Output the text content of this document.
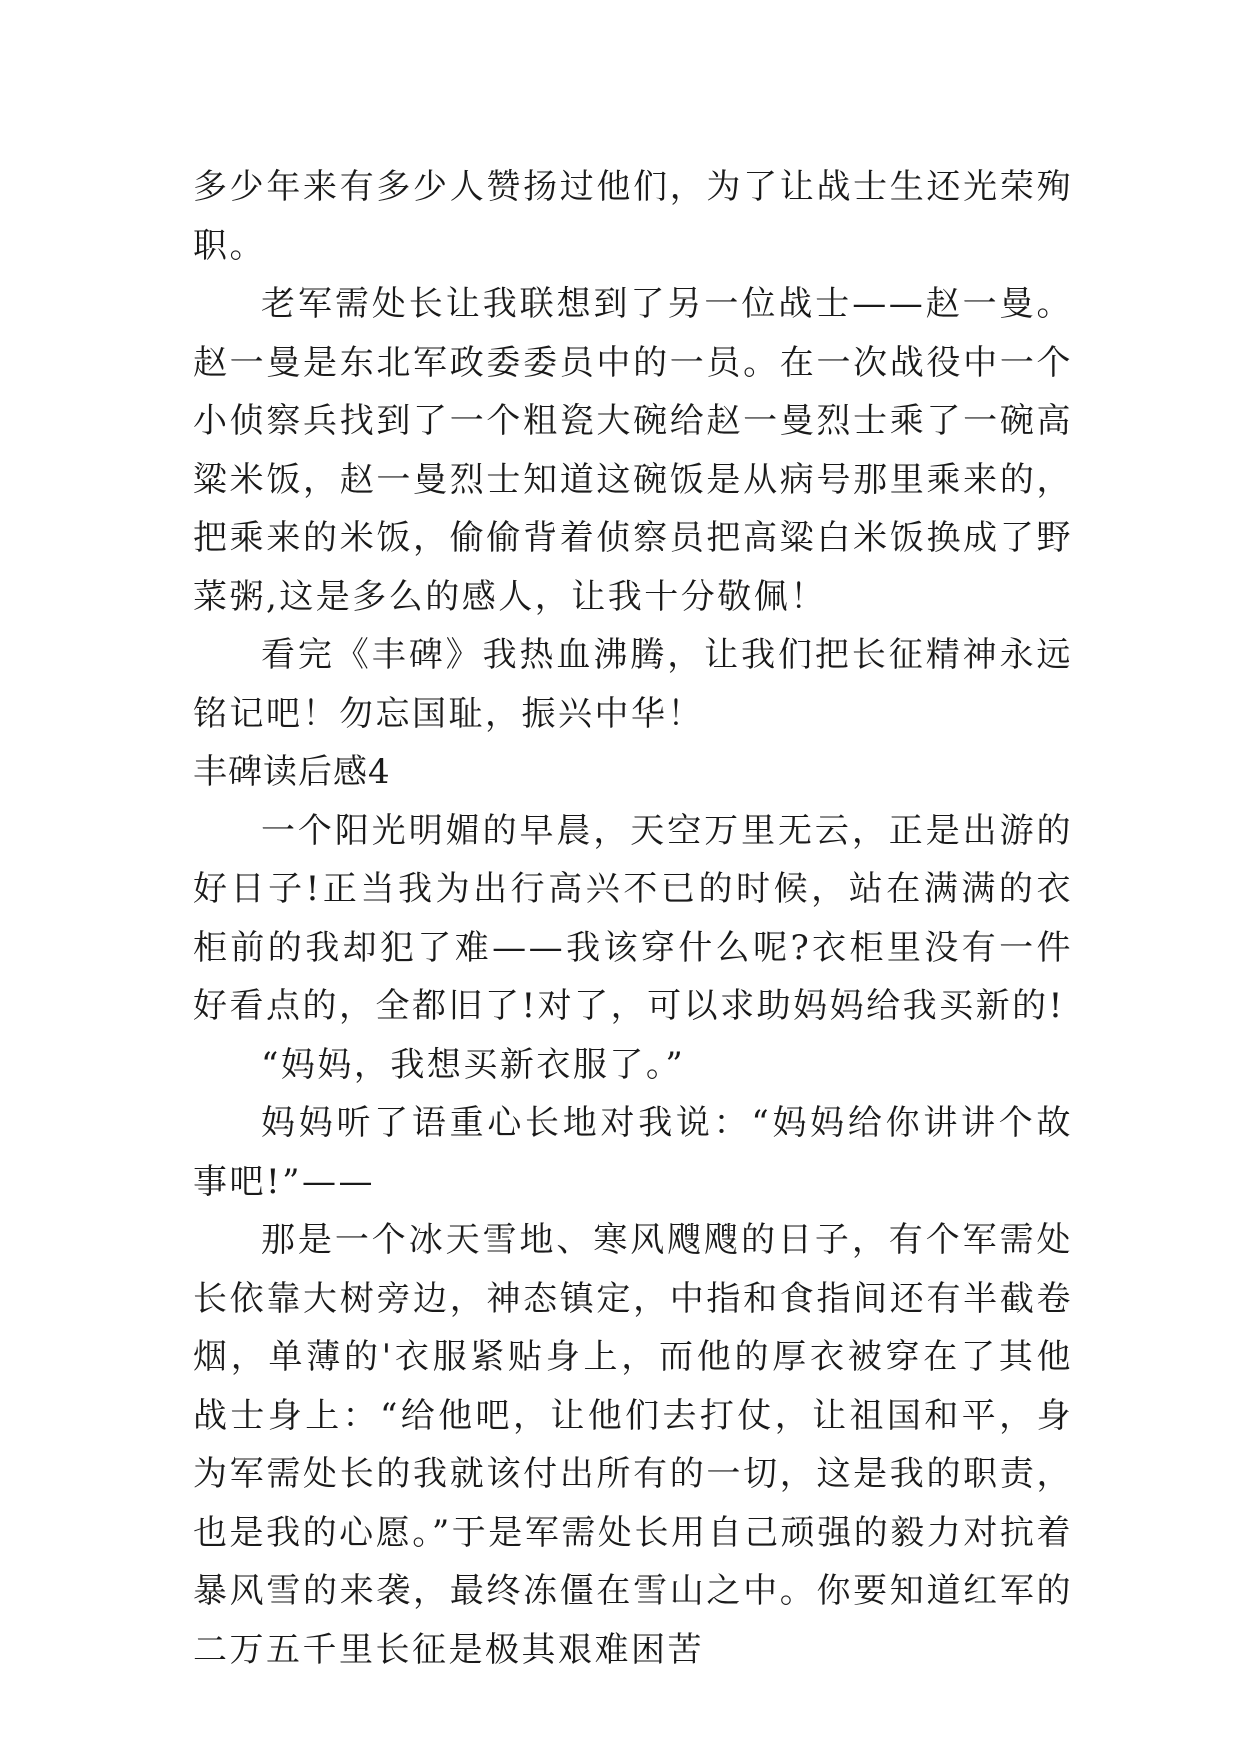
多少年来有多少人赞扬过他们，为了让战士生还光荣殉职。

老军需处长让我联想到了另一位战士——赵一曼。赵一曼是东北军政委委员中的一员。在一次战役中一个小侦察兵找到了一个粗瓷大碗给赵一曼烈士乘了一碗高粱米饭，赵一曼烈士知道这碗饭是从病号那里乘来的，把乘来的米饭，偷偷背着侦察员把高粱白米饭换成了野菜粥,这是多么的感人，让我十分敬佩！

看完《丰碑》我热血沸腾，让我们把长征精神永远铭记吧！勿忘国耻，振兴中华！

丰碑读后感4

一个阳光明媚的早晨，天空万里无云，正是出游的好日子!正当我为出行高兴不已的时候，站在满满的衣柜前的我却犯了难——我该穿什么呢?衣柜里没有一件好看点的，全都旧了!对了，可以求助妈妈给我买新的!

“妈妈，我想买新衣服了。”

妈妈听了语重心长地对我说：“妈妈给你讲讲个故事吧!”——

那是一个冰天雪地、寒风飕飕的日子，有个军需处长依靠大树旁边，神态镇定，中指和食指间还有半截卷烟，单薄的'衣服紧贴身上，而他的厚衣被穿在了其他战士身上：“给他吧，让他们去打仗，让祖国和平，身为军需处长的我就该付出所有的一切，这是我的职责，也是我的心愿。”于是军需处长用自己顽强的毅力对抗着暴风雪的来袭，最终冻僵在雪山之中。你要知道红军的二万五千里长征是极其艰难困苦
